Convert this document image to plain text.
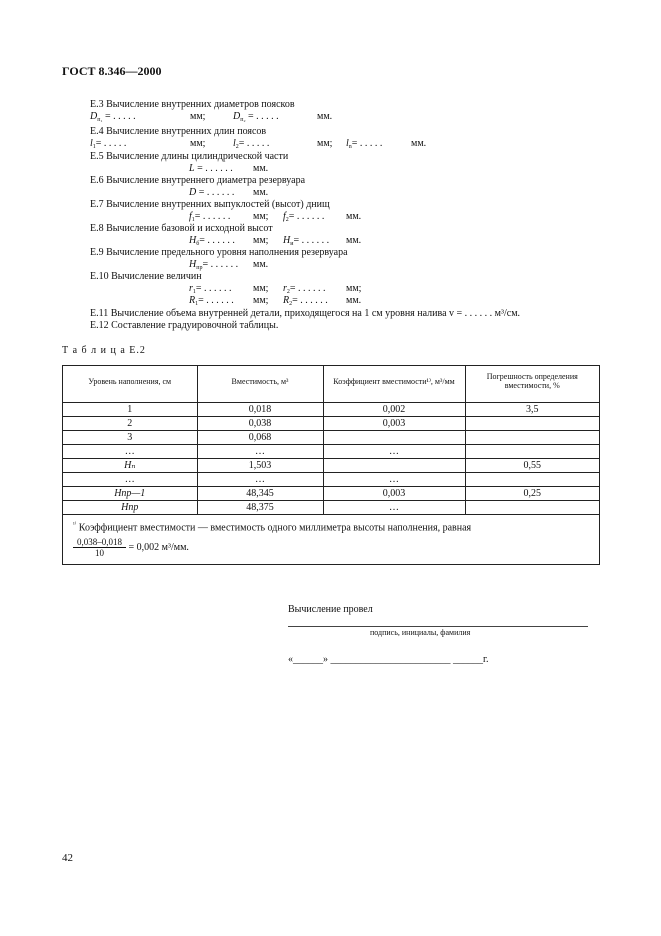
ГОСТ 8.346—2000
Е.3 Вычисление внутренних диаметров поясков
$D_{п_1}$ = . . . . .	мм;	$D_{п_2}$ = . . . . .	мм.
Е.4 Вычисление внутренних длин поясов
$l_1=$ . . . . .	мм;	$l_2=$ . . . . .	мм; $l_n=$ . . . . .	мм.
Е.5 Вычисление длины цилиндрической части
L = . . . . . . мм.
Е.6 Вычисление внутреннего диаметра резервуара
D = . . . . . . мм.
Е.7 Вычисление внутренних выпуклостей (высот) днищ
$f_1=$ . . . . . . мм; $f_2=$ . . . . . . мм.
Е.8 Вычисление базовой и исходной высот
$H_б=$ . . . . . . мм; $H_и=$ . . . . . . мм.
Е.9 Вычисление предельного уровня наполнения резервуара
$H_{пр}=$ . . . . . . мм.
Е.10 Вычисление величин
$r_1=$ . . . . . . мм; $r_2=$ . . . . . . мм;
$R_1=$ . . . . . . мм; $R_2=$ . . . . . . мм.
Е.11 Вычисление объема внутренней детали, приходящегося на 1 см уровня налива v = . . . . . . м³/см.
Е.12 Составление градуировочной таблицы.
Т а б л и ц а Е.2
Уровень наполнения, см	Вместимость, м³	Коэффициент вместимости¹⁾, м³/мм	Погрешность определения вместимости, %

1	0,018	0,002	3,5
2	0,038	0,003	
3	0,068		
…	…	…	
Hₙ	1,503		0,55
…	…	…	
Hпр—1	48,345	0,003	0,25
Hпр	48,375	…	
$^{^{1)}}$ Коэффициент вместимости — вместимость одного миллиметра высоты наполнения, равная
$\frac{0,038-0,018}{10} = 0,002$ м³/мм.
Вычисление провел
подпись, инициалы, фамилия
«______» ________________________ ______г.
42
